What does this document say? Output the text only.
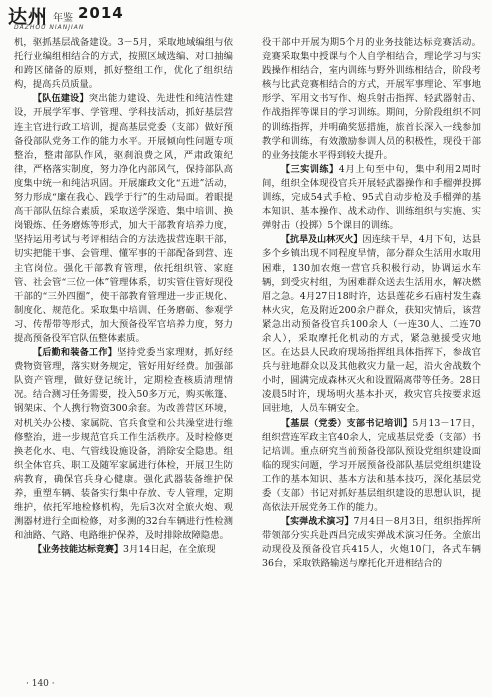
达州 年鉴 2014
DAZHOU NIANJIAN

机，驱抓基层战备建设。3－5月，采取地域编组与依托行业编组相结合的方式，按照区域选编、对口抽编和跨区储备的原则，抓好整组工作，优化了组织结构，提高兵员质量。

【队伍建设】突出能力建设、先进性和纯洁性建设，开展学军事、学管理、学科技活动，抓好基层营连主官进行政工培训，提高基层党委（支部）做好预备役部队党务工作的能力水平。开展倾向性问题专项整治，整肃部队作风，驱刹浪费之风，严肃政策纪律，严格落实制度，努力净化内部风气，保持部队高度集中统一和纯洁巩固。开展廉政文化“五进”活动，努力形成“廉在我心、践学于行”的生动局面。着眼提高干部队伍综合素质，采取送学深造、集中培训、换岗锻炼、任务磨炼等形式，加大干部教育培养力度，坚持运用考试与考评相结合的方法选拔营连职干部，切实把能干事、会管理、懂军事的干部配备到营、连主官岗位。强化干部教育管理，依托组织管、家庭管、社会管“三位一体”管理体系，切实管住管好现役干部的“三外四圈”，使干部教育管理进一步正规化、制度化、规范化。采取集中培训、任务磨砺、参观学习、传帮带等形式，加大预备役军官培养力度，努力提高预备役军官队伍整体素质。

【后勤和装备工作】坚持党委当家理财，抓好经费物资管理，落实财务规定，管好用好经费。加强部队资产管理，做好登记统计，定期检查核质清理情况。结合测习任务需要，投入50多万元，购买帐篷、钢架床、个人携行物资300余套。为改善营区环境，对机关办公楼、家属院、官兵食堂和公共澡堂进行维修整治，进一步规范官兵工作生活秩序。及时检修更换老化水、电、气管线设施设备，消除安全隐患。组织全体官兵、职工及随军家属进行体检，开展卫生防病教育，确保官兵身心健康。强化武器装备维护保养，重塑车辆、装备实行集中存放、专人管理，定期维护，依托军地检修机构，先后3次对全旅火炮、观测器材进行全面检修，对多测的32台车辆进行性检测和油路、气路、电路维护保养，及时排除故障隐患。

【业务技能达标竞赛】3月14日起，在全旅现

役干部中开展为期5个月的业务技能达标竞赛活动。竞赛采取集中授课与个人自学相结合，理论学习与实践操作相结合，室内训练与野外训练相结合，阶段考核与比武竞赛相结合的方式，开展军事理论、军事地形学、军用文书写作、炮兵射击指挥、轻武器射击、作战指挥等课目的学习训练。期间，分阶段组织不同的训练指挥，并明确奖惩措施，旅首长深入一线参加教学和训练，有效激励参训人员的积极性，现役干部的业务技能水平得到较大提升。

【三实训练】4月上旬至中旬，集中利用2周时间，组织全体现役官兵开展轻武器操作和手榴弹投掷训练，完成54式手枪、95式自动步枪及手榴弹的基本知识、基本操作、战术动作、训练组织与实施、实弹射击（投掷）5个课目的训练。

【抗旱及山林灭火】因连续干旱，4月下旬，达县多个乡镇出现不同程度旱情，部分群众生活用水取用困难，130加农炮一营官兵积极行动，协调运水车辆，到受灾村组，为困难群众送去生活用水，解决燃眉之急。4月27日18时许，达县莲花乡石庙村发生森林火灾，危及附近200余户群众，获知灾情后，该营紧急出动预备役官兵100余人（一连30人、二连70余人），采取摩托化机动的方式，紧急驰援受灾地区。在达县人民政府现场指挥组具体指挥下，参战官兵与驻地群众以及其他救灾力量一起，沿火舍战数个小时，圆满完成森林灭火和设置隔离带等任务。28日凌晨5时许，现场明火基本扑灭，救灾官兵按要求返回驻地，人员车辆安全。

【基层（党委）支部书记培训】5月13－17日，组织营连军政主官40余人，完成基层党委（支部）书记培训。重点研究当前预备役部队预设党组织建设面临的现实问题，学习开展预备役部队基层党组织建设工作的基本知识、基本方法和基本技巧，深化基层党委（支部）书记对抓好基层组织建设的思想认识，提高依法开展党务工作的能力。

【实弹战术演习】7月4日－8月3日，组织指挥所带领部分实兵赴西昌完成实弹战术演习任务。全旅出动现役及预备役官兵415人，火炮10门，各式车辆36台，采取铁路输送与摩托化开进相结合的

· 140 ·
